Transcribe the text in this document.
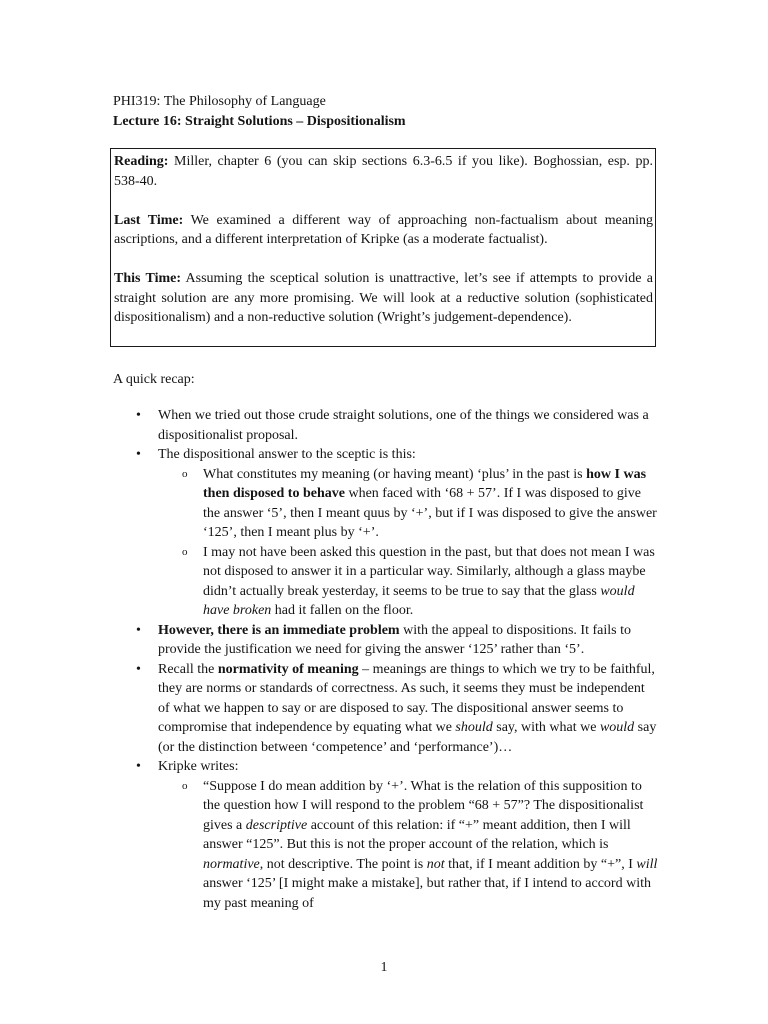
PHI319: The Philosophy of Language
Lecture 16: Straight Solutions – Dispositionalism

Reading: Miller, chapter 6 (you can skip sections 6.3-6.5 if you like). Boghossian, esp. pp. 538-40.

Last Time: We examined a different way of approaching non-factualism about meaning ascriptions, and a different interpretation of Kripke (as a moderate factualist).

This Time: Assuming the sceptical solution is unattractive, let’s see if attempts to provide a straight solution are any more promising. We will look at a reductive solution (sophisticated dispositionalism) and a non-reductive solution (Wright’s judgement-dependence).

A quick recap:
• When we tried out those crude straight solutions, one of the things we considered was a dispositionalist proposal.
• The dispositional answer to the sceptic is this:
o What constitutes my meaning (or having meant) ‘plus’ in the past is how I was then disposed to behave when faced with ‘68 + 57’. If I was disposed to give the answer ‘5’, then I meant quus by ‘+’, but if I was disposed to give the answer ‘125’, then I meant plus by ‘+’.
o I may not have been asked this question in the past, but that does not mean I was not disposed to answer it in a particular way. Similarly, although a glass maybe didn’t actually break yesterday, it seems to be true to say that the glass would have broken had it fallen on the floor.
• However, there is an immediate problem with the appeal to dispositions. It fails to provide the justification we need for giving the answer ‘125’ rather than ‘5’.
• Recall the normativity of meaning – meanings are things to which we try to be faithful, they are norms or standards of correctness. As such, it seems they must be independent of what we happen to say or are disposed to say. The dispositional answer seems to compromise that independence by equating what we should say, with what we would say (or the distinction between ‘competence’ and ‘performance’)…
• Kripke writes:
o “Suppose I do mean addition by ‘+’. What is the relation of this supposition to the question how I will respond to the problem “68 + 57”? The dispositionalist gives a descriptive account of this relation: if “+” meant addition, then I will answer “125”. But this is not the proper account of the relation, which is normative, not descriptive. The point is not that, if I meant addition by “+”, I will answer ‘125’ [I might make a mistake], but rather that, if I intend to accord with my past meaning of
1
